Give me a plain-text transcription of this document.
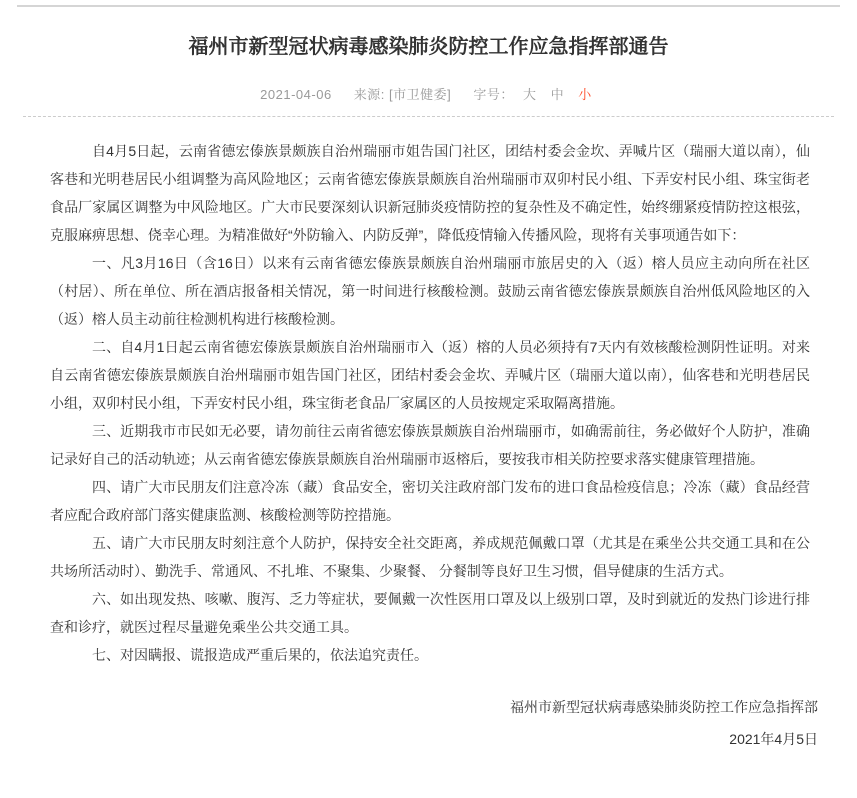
福州市新型冠状病毒感染肺炎防控工作应急指挥部通告
2021-04-06 来源: [市卫健委] 字号： 大 中 小

自4月5日起，云南省德宏傣族景颇族自治州瑞丽市姐告国门社区，团结村委会金坎、弄喊片区（瑞丽大道以南），仙客巷和光明巷居民小组调整为高风险地区；云南省德宏傣族景颇族自治州瑞丽市双卯村民小组、下弄安村民小组、珠宝街老食品厂家属区调整为中风险地区。广大市民要深刻认识新冠肺炎疫情防控的复杂性及不确定性，始终绷紧疫情防控这根弦，克服麻痹思想、侥幸心理。为精准做好“外防输入、内防反弹”，降低疫情输入传播风险，现将有关事项通告如下：

一、凡3月16日（含16日）以来有云南省德宏傣族景颇族自治州瑞丽市旅居史的入（返）榕人员应主动向所在社区（村居）、所在单位、所在酒店报备相关情况，第一时间进行核酸检测。鼓励云南省德宏傣族景颇族自治州低风险地区的入（返）榕人员主动前往检测机构进行核酸检测。

二、自4月1日起云南省德宏傣族景颇族自治州瑞丽市入（返）榕的人员必须持有7天内有效核酸检测阴性证明。对来自云南省德宏傣族景颇族自治州瑞丽市姐告国门社区，团结村委会金坎、弄喊片区（瑞丽大道以南），仙客巷和光明巷居民小组，双卯村民小组，下弄安村民小组，珠宝街老食品厂家属区的人员按规定采取隔离措施。

三、近期我市市民如无必要，请勿前往云南省德宏傣族景颇族自治州瑞丽市，如确需前往，务必做好个人防护，准确记录好自己的活动轨迹；从云南省德宏傣族景颇族自治州瑞丽市返榕后，要按我市相关防控要求落实健康管理措施。

四、请广大市民朋友们注意冷冻（藏）食品安全，密切关注政府部门发布的进口食品检疫信息；冷冻（藏）食品经营者应配合政府部门落实健康监测、核酸检测等防控措施。

五、请广大市民朋友时刻注意个人防护，保持安全社交距离，养成规范佩戴口罩（尤其是在乘坐公共交通工具和在公共场所活动时）、勤洗手、常通风、不扎堆、不聚集、少聚餐、 分餐制等良好卫生习惯，倡导健康的生活方式。

六、如出现发热、咳嗽、腹泻、乏力等症状，要佩戴一次性医用口罩及以上级别口罩，及时到就近的发热门诊进行排查和诊疗，就医过程尽量避免乘坐公共交通工具。

七、对因瞒报、谎报造成严重后果的，依法追究责任。

福州市新型冠状病毒感染肺炎防控工作应急指挥部

2021年4月5日
